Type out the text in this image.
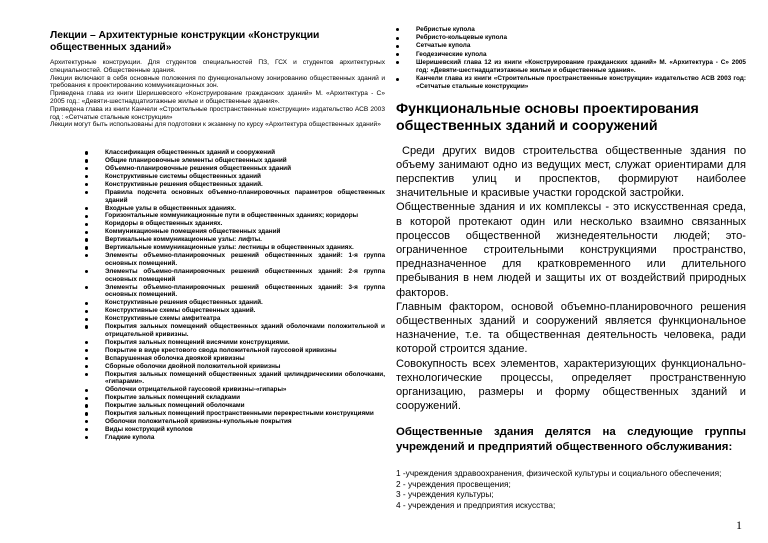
Лекции – Архитектурные конструкции «Конструкции общественных зданий»
Архитектурные конструкции. Для студентов специальностей ПЗ, ГСХ и студентов архитектурных специальностей. Общественные здания.
Лекции включают в себя основные положения по функциональному зонированию общественных зданий и требования к проектированию коммуникационных зон.
Приведена глава из книги Шеришевского «Конструирование гражданских зданий» М. «Архитектура - С» 2005 год.: «Девяти-шестнадцатиэтажные жилые и общественные здания».
Приведена глава из книги Канчели «Строительные пространственные конструкции» издательство АСВ 2003 год : «Сетчатые стальные конструкции»
Лекции могут быть использованы для подготовки к экзамену по курсу «Архитектура общественных зданий»
Классификация общественных зданий и сооружений
Общие планировочные элементы общественных зданий
Объемно-планировочные решения общественных зданий
Конструктивные системы общественных зданий
Конструктивные решения общественных зданий.
Правила подсчета основных объемно-планировочных параметров общественных зданий
Входные узлы в общественных зданиях.
Горизонтальные коммуникационные пути в общественных зданиях; коридоры
Коридоры в общественных зданиях.
Коммуникационные помещения общественных зданий
Вертикальные коммуникационные узлы: лифты.
Вертикальные коммуникационные узлы: лестницы в общественных зданиях.
Элементы объемно-планировочных решений общественных зданий: 1-я группа основных помещений.
Элементы объемно-планировочных решений общественных зданий: 2-я группа основных помещений
Элементы объемно-планировочных решений общественных зданий: 3-я группа основных помещений.
Конструктивные решения общественных зданий.
Конструктивные схемы общественных зданий.
Конструктивные схемы амфитеатра
Покрытия зальных помещений общественных зданий оболочками положительной и отрицательной кривизны.
Покрытия зальных помещений висячими конструкциями.
Покрытие в виде крестового свода положительной гауссовой кривизны
Вспарушенная оболочка двоякой кривизны
Сборные оболочки двойной положительной кривизны
Покрытия зальных помещений общественных зданий цилиндрическими оболочками, «гипарами».
Оболочки отрицательной гауссовой кривизны-«гипары»
Покрытие зальных помещений складками
Покрытие зальных помещений оболочками
Покрытия зальных помещений пространственными перекрестными конструкциями
Оболочки положительной кривизны-купольные покрытия
Виды конструкций куполов
Гладкие купола
Ребристые купола
Ребристо-кольцевые купола
Сетчатые купола
Геодезические купола
Шеришевский глава 12 из книги «Конструирование гражданских зданий» М. «Архитектура - С» 2005 год: «Девяти-шестнадцатиэтажные жилые и общественные здания».
Канчели глава из книги «Строительные пространственные конструкции» издательство АСВ 2003 год: «Сетчатые стальные конструкции»
Функциональные основы проектирования общественных зданий и сооружений

Среди других видов строительства общественные здания по объему занимают одно из ведущих мест, служат ориентирами для перспектив улиц и проспектов, формируют наиболее значительные и красивые участки городской застройки.

Общественные здания и их комплексы - это искусственная среда, в которой протекают один или несколько взаимно связанных процессов общественной жизнедеятельности людей; это- ограниченное строительными конструкциями пространство, предназначенное для кратковременного или длительного пребывания в нем людей и защиты их от воздействий природных факторов.

Главным фактором, основой объемно-планировочного решения общественных зданий и сооружений является функциональное назначение, т.е. та общественная деятельность человека, ради которой строится здание.

Совокупность всех элементов, характеризующих функционально-технологические процессы, определяет пространственную организацию, размеры и форму общественных зданий и сооружений.

Общественные здания делятся на следующие группы учреждений и предприятий общественного обслуживания:
1 -учреждения здравоохранения, физической культуры и социального обеспечения;
2 - учреждения просвещения;
3 - учреждения культуры;
4 - учреждения и предприятия искусства;
1
